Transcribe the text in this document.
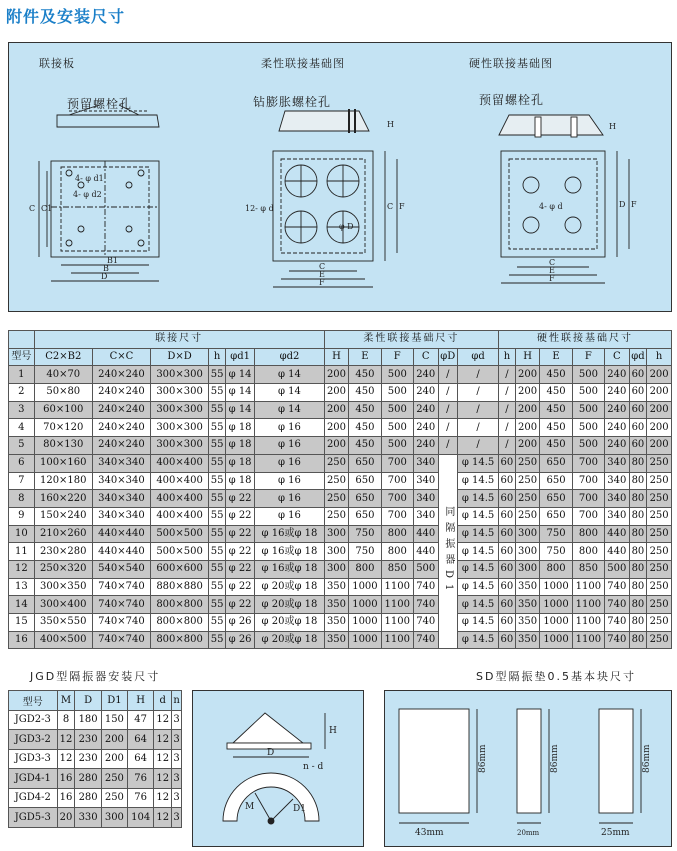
附件及安装尺寸
联接板	柔性联接基础图	硬性联接基础图
预留螺栓孔	钻膨胀螺栓孔	预留螺栓孔
B1
B
D
C C1
4- φ d1
4- φ d2
12- φ d
φ D
C
E
F
H
C F	4- φ d
C
E
F
H
D F
	联接尺寸						柔性联接基础尺寸						硬性联接基础尺寸						
型号	C2×B2	C×C	D×D	h	φd1	φd2	H	E	F	C	φD	φd	h	H	E	F	C	φd	h
1	40×70	240×240	300×300	55	φ 14	φ 14	200	450	500	240	/	/	/	200	450	500	240	60	200
2	50×80	240×240	300×300	55	φ 14	φ 14	200	450	500	240	/	/	/	200	450	500	240	60	200
3	60×100	240×240	300×300	55	φ 14	φ 14	200	450	500	240	/	/	/	200	450	500	240	60	200
4	70×120	240×240	300×300	55	φ 18	φ 16	200	450	500	240	/	/	/	200	450	500	240	60	200
5	80×130	240×240	300×300	55	φ 18	φ 16	200	450	500	240	/	/	/	200	450	500	240	60	200
6	100×160	340×340	400×400	55	φ 18	φ 16	250	650	700	340	同隔振器D1	φ 14.5	60	250	650	700	340	80	250
7	120×180	340×340	400×400	55	φ 18	φ 16	250	650	700	340		φ 14.5	60	250	650	700	340	80	250
8	160×220	340×340	400×400	55	φ 22	φ 16	250	650	700	340		φ 14.5	60	250	650	700	340	80	250
9	150×240	340×340	400×400	55	φ 22	φ 16	250	650	700	340		φ 14.5	60	250	650	700	340	80	250
10	210×260	440×440	500×500	55	φ 22	φ 16或φ 18	300	750	800	440		φ 14.5	60	300	750	800	440	80	250
11	230×280	440×440	500×500	55	φ 22	φ 16或φ 18	300	750	800	440		φ 14.5	60	300	750	800	440	80	250
12	250×320	540×540	600×600	55	φ 22	φ 16或φ 18	300	800	850	500		φ 14.5	60	300	800	850	500	80	250
13	300×350	740×740	880×880	55	φ 22	φ 20或φ 18	350	1000	1100	740		φ 14.5	60	350	1000	1100	740	80	250
14	300×400	740×740	800×800	55	φ 22	φ 20或φ 18	350	1000	1100	740		φ 14.5	60	350	1000	1100	740	80	250
15	350×550	740×740	800×800	55	φ 26	φ 20或φ 18	350	1000	1100	740		φ 14.5	60	350	1000	1100	740	80	250
16	400×500	740×740	800×800	55	φ 26	φ 20或φ 18	350	1000	1100	740		φ 14.5	60	350	1000	1100	740	80	250
JGD型隔振器安装尺寸
型号	M	D	D1	H	d	n
JGD2-3	8	180	150	47	12	3
JGD3-2	12	230	200	64	12	3
JGD3-3	12	230	200	64	12	3
JGD4-1	16	280	250	76	12	3
JGD4-2	16	280	250	76	12	3
JGD5-3	20	330	300	104	12	3
H
D
n - d
M	D1
SD型隔振垫0.5基本块尺寸
86mm	86mm	86mm
43mm	20mm	25mm
